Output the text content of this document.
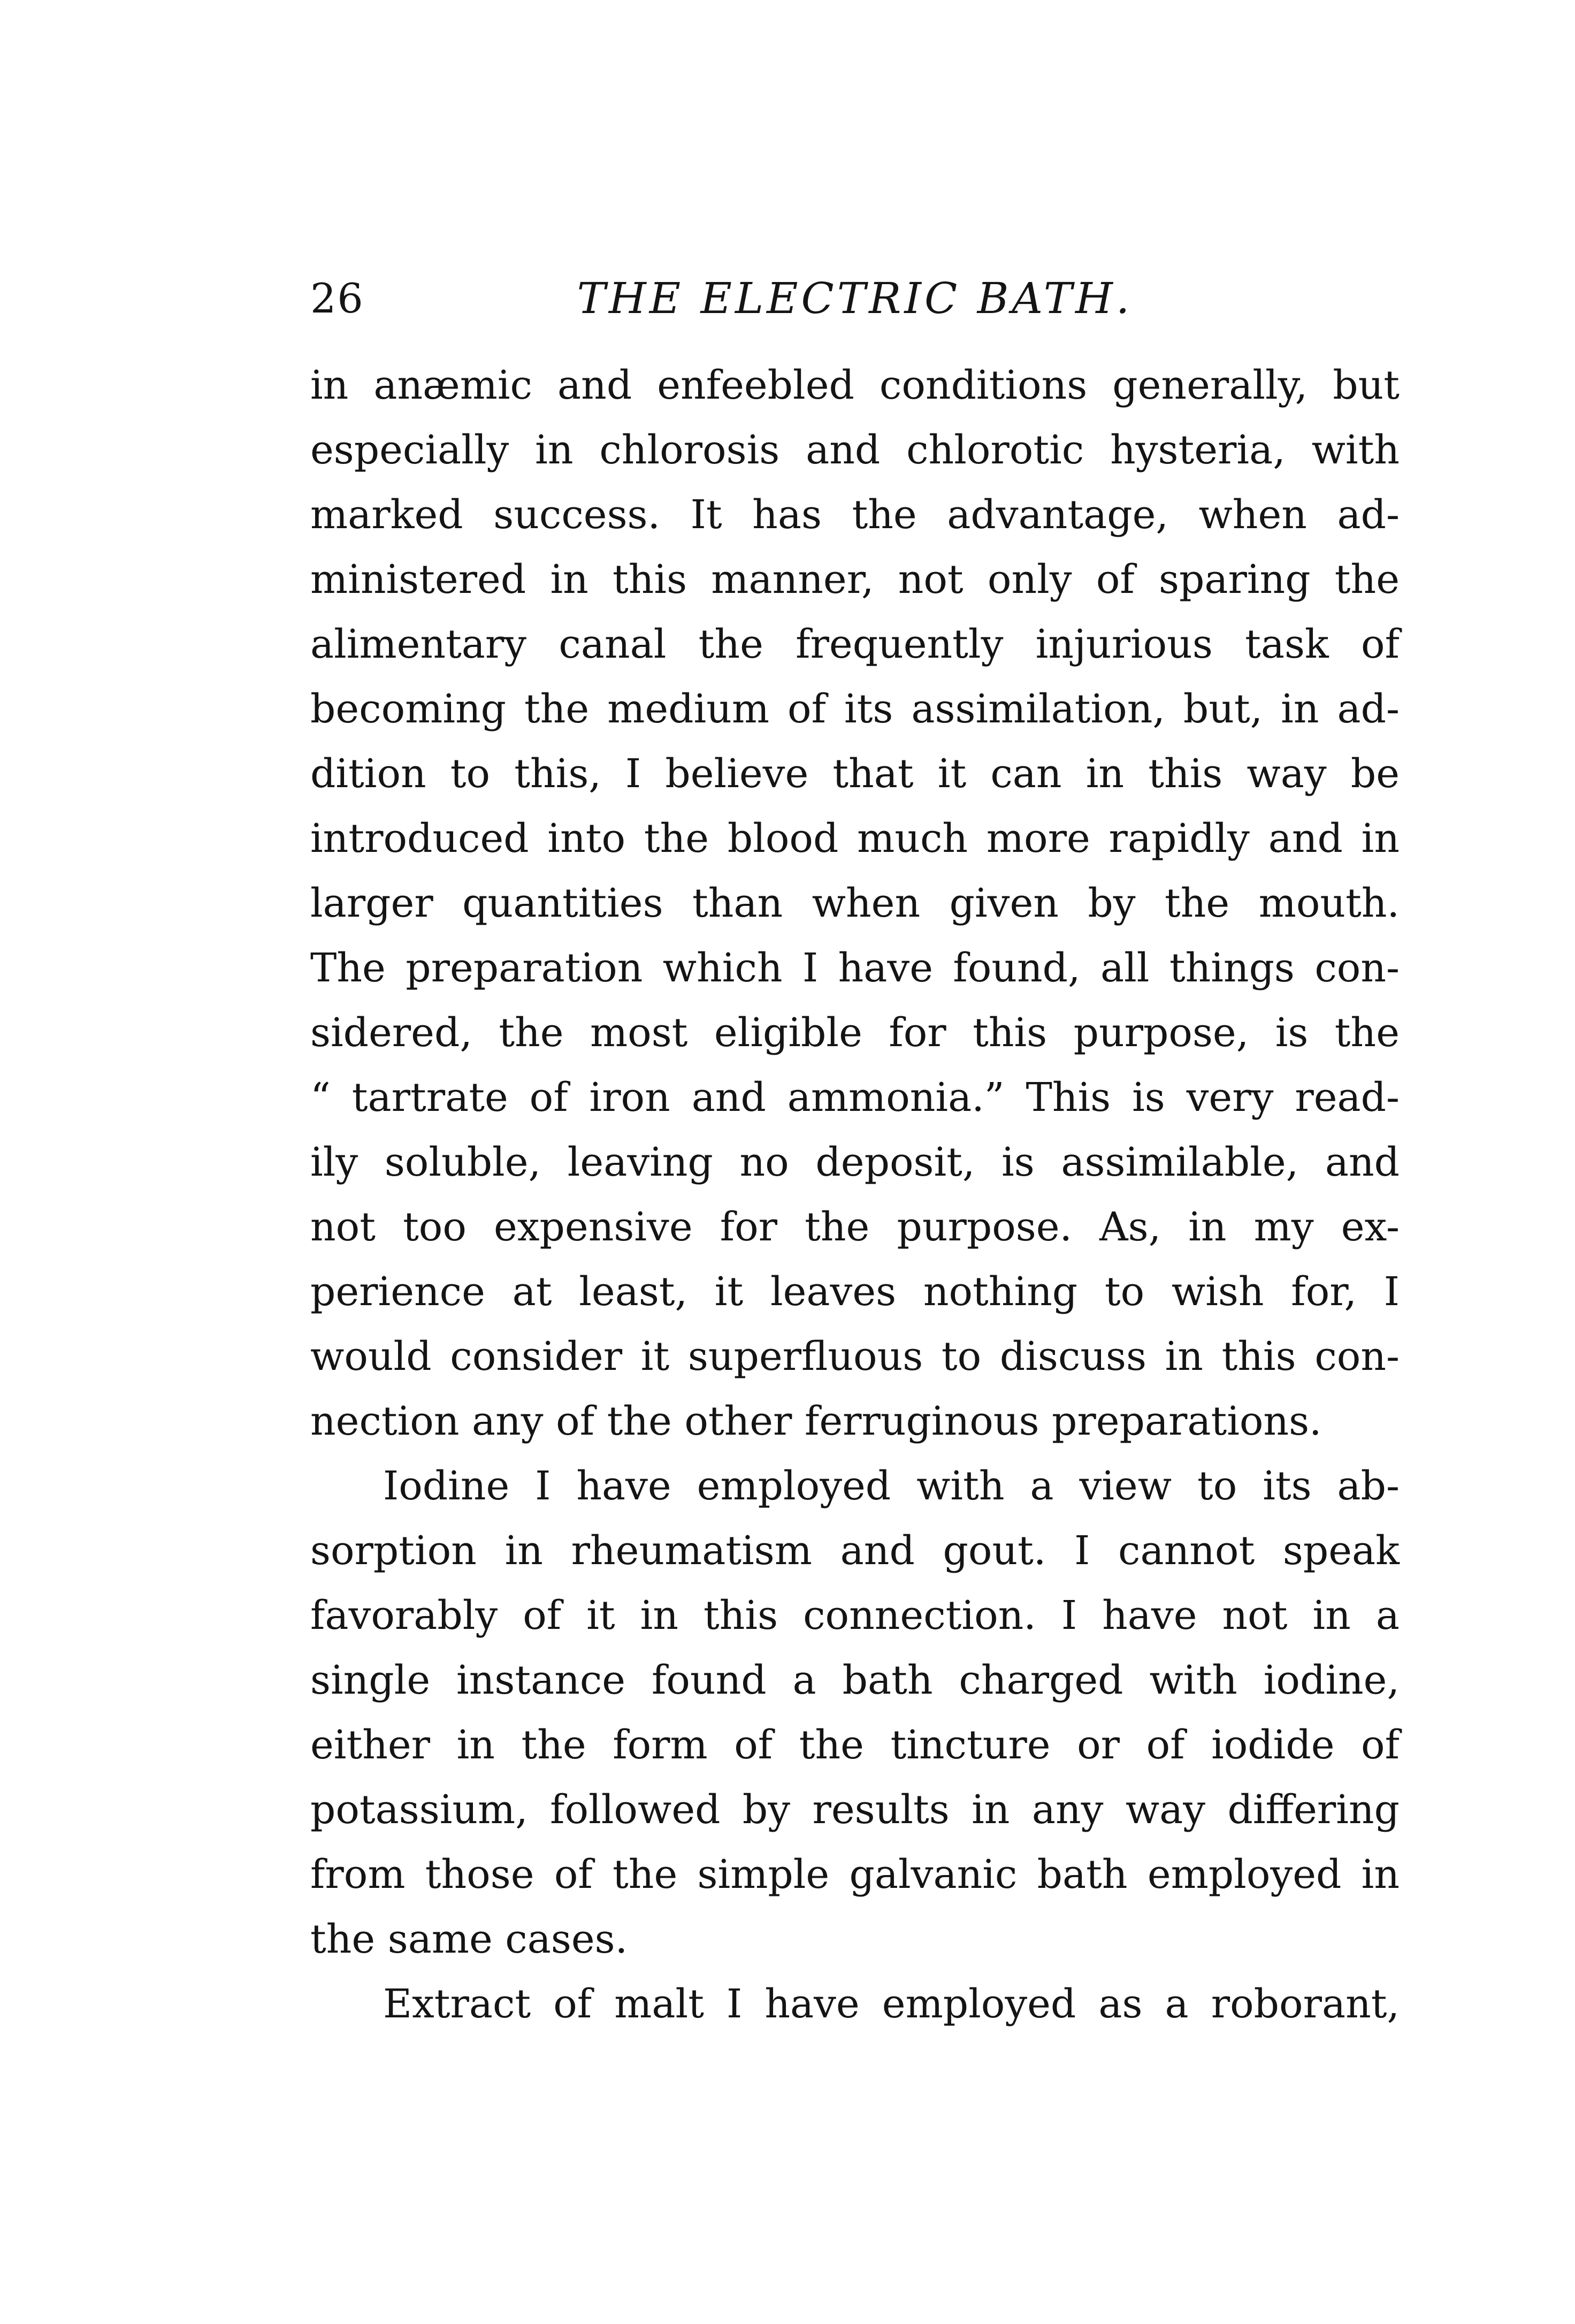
26	THE ELECTRIC BATH.
in anæmic and enfeebled conditions generally, but
especially in chlorosis and chlorotic hysteria, with
marked success. It has the advantage, when ad-
ministered in this manner, not only of sparing the
alimentary canal the frequently injurious task of
becoming the medium of its assimilation, but, in ad-
dition to this, I believe that it can in this way be
introduced into the blood much more rapidly and in
larger quantities than when given by the mouth.
The preparation which I have found, all things con-
sidered, the most eligible for this purpose, is the
“ tartrate of iron and ammonia.” This is very read-
ily soluble, leaving no deposit, is assimilable, and
not too expensive for the purpose. As, in my ex-
perience at least, it leaves nothing to wish for, I
would consider it superfluous to discuss in this con-
nection any of the other ferruginous preparations.
Iodine I have employed with a view to its ab-
sorption in rheumatism and gout. I cannot speak
favorably of it in this connection. I have not in a
single instance found a bath charged with iodine,
either in the form of the tincture or of iodide of
potassium, followed by results in any way differing
from those of the simple galvanic bath employed in
the same cases.
Extract of malt I have employed as a roborant,
